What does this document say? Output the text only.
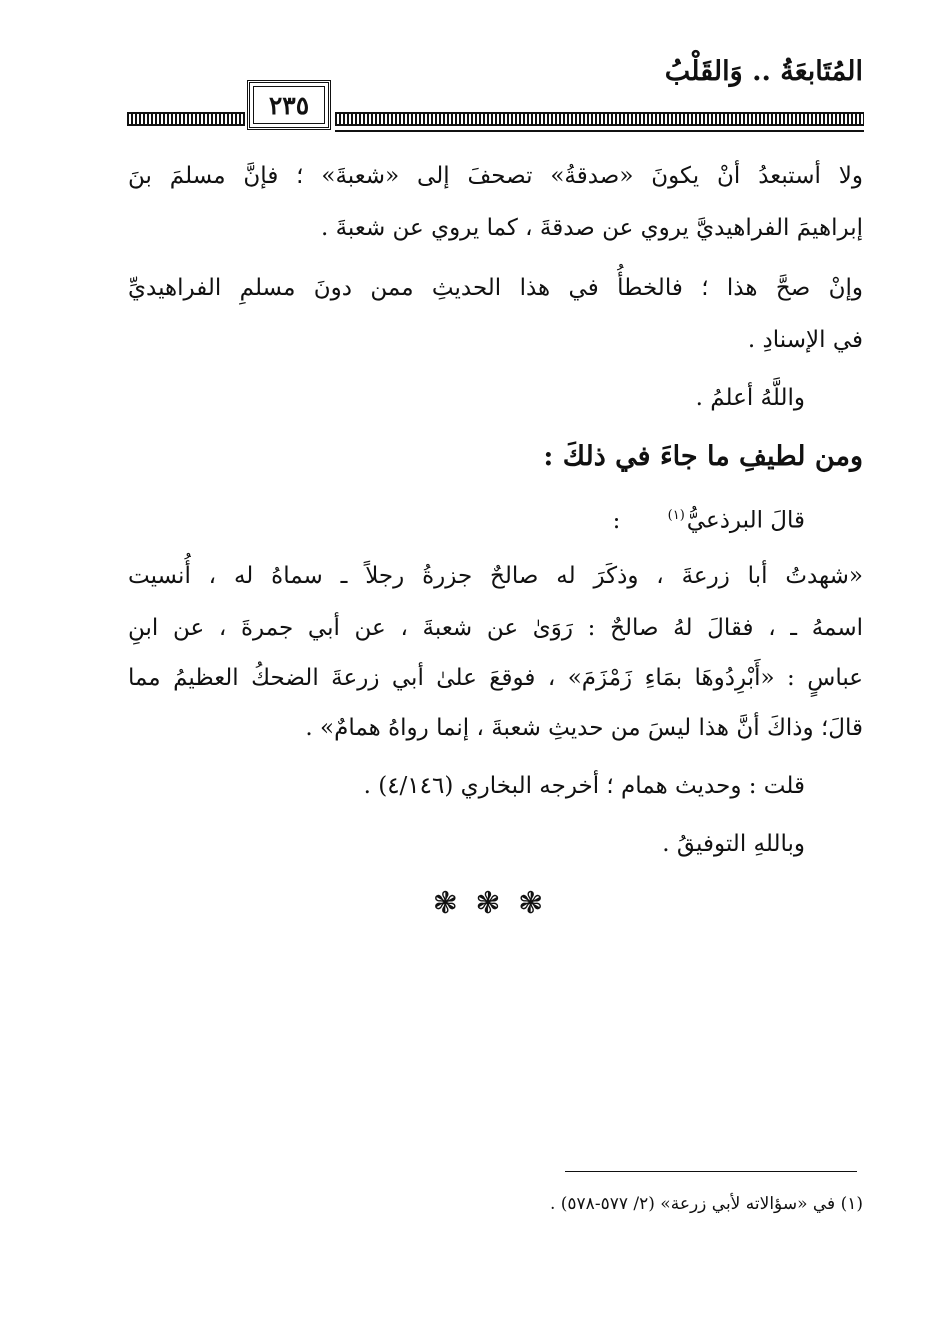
المُتَابعَةُ .. وَالقَلْبُ
٢٣٥
ولا أستبعدُ أنْ يكونَ «صدقةُ» تصحفَ إلى «شعبةَ» ؛ فإنَّ مسلمَ بنَ
إبراهيمَ الفراهيديَّ يروي عن صدقةَ ، كما يروي عن شعبةَ .
وإنْ صحَّ هذا ؛ فالخطأُ في هذا الحديثِ ممن دونَ مسلمِ الفراهيديِّ
في الإسنادِ .
واللَّهُ أعلمُ .
ومن لطيفِ ما جاءَ في ذلكَ :
قالَ البرذعيُّ$^{(١)}$ :
«شهدتُ أبا زرعةَ ، وذكَرَ له صالحٌ جزرةُ رجلاً ـ سماهُ له ، أُنسيت
اسمهُ ـ ، فقالَ لهُ صالحٌ : رَوَىٰ عن شعبةَ ، عن أبي جمرةَ ، عن ابنِ
عباسٍ : «أَبْرِدُوهَا بمَاءِ زَمْزَمَ» ، فوقعَ علىٰ أبي زرعةَ الضحكُ العظيمُ مما
قالَ؛ وذاكَ أنَّ هذا ليسَ من حديثِ شعبةَ ، إنما رواهُ همامٌ» .
قلت : وحديث همام ؛ أخرجه البخاري (٤/١٤٦) .
وباللهِ التوفيقُ .
❃ ❃ ❃
(١) في «سؤالاته لأبي زرعة» (٢/ ٥٧٧-٥٧٨) .
